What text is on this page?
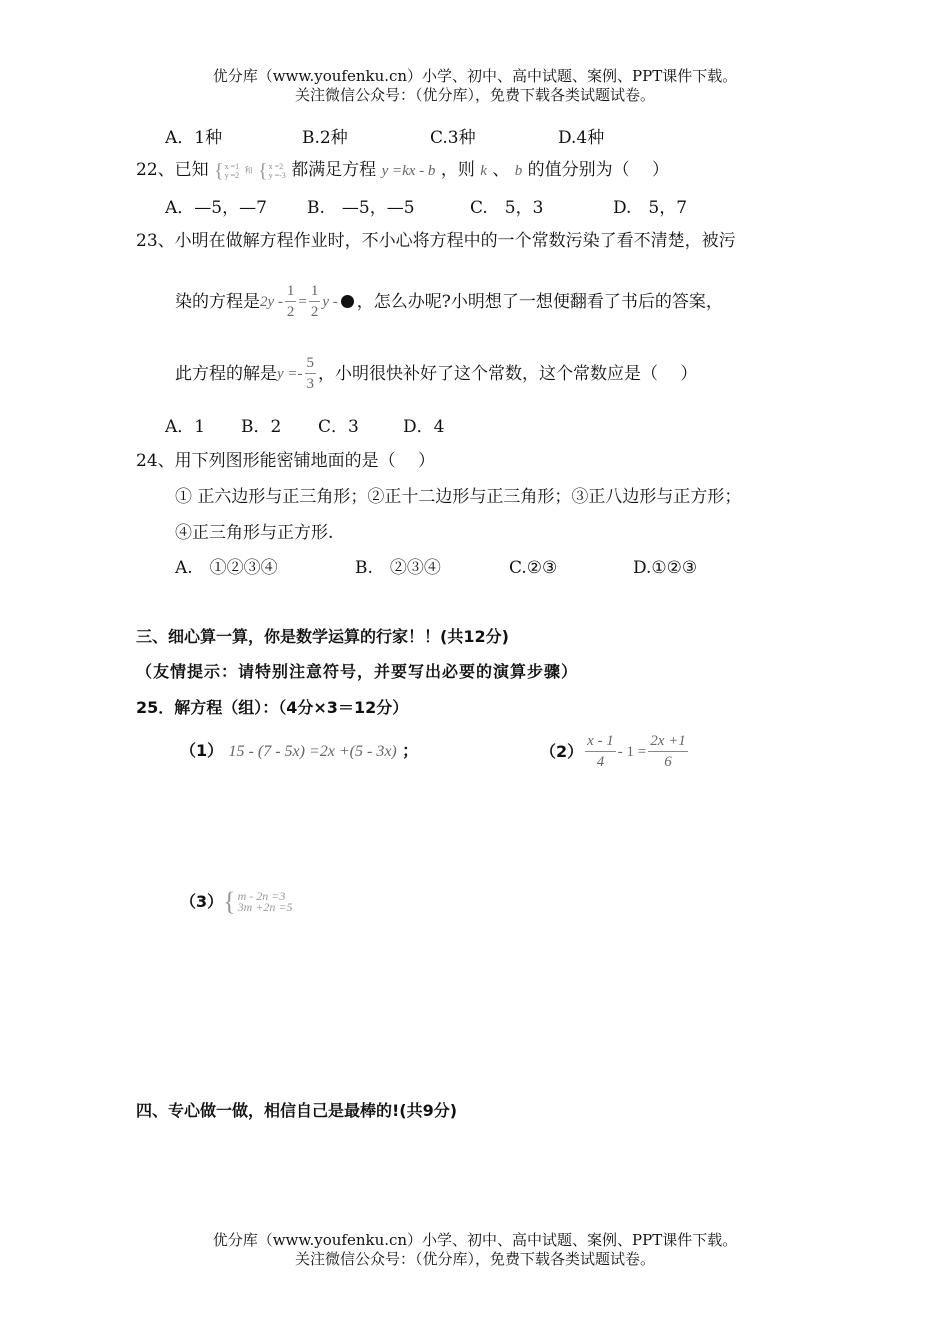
优分库（www.youfenku.cn）小学、初中、高中试题、案例、PPT课件下载。
关注微信公众号：（优分库），免费下载各类试题试卷。
A．1种	B.2种	C.3种	D.4种
22、已知 { x =1
y =2 和 { x =2
y =-3 都满足方程 y =kx - b ，则 k 、 b 的值分别为（　 ）
A．—5，—7 B.　—5，—5	C.　5，3	D.　5，7
23、小明在做解方程作业时，不小心将方程中的一个常数污染了看不清楚，被污
染的方程是 $2y - \frac{1}{2} = \frac{1}{2}$ y - ，怎么办呢?小明想了一想便翻看了书后的答案，
此方程的解是 $y =- \frac{5}{3}$ ，小明很快补好了这个常数，这个常数应是（　 ）
A．1 B．2 C．3	D．4
24、用下列图形能密铺地面的是（　 ）
① 正六边形与正三角形；②正十二边形与正三角形；③正八边形与正方形；
④正三角形与正方形.
A.　①②③④	B.　②③④	C.②③	D.①②③
三、细心算一算，你是数学运算的行家！！(共12分)
（友情提示：请特别注意符号，并要写出必要的演算步骤）
25．解方程（组）：（4分×3＝12分）
（1） 15 - (7 - 5x) =2x +(5 - 3x) ；	$(2) \frac{x - 1}{4} - 1 = \frac{2x +1}{6}$
（3） { m - 2n =3
3m +2n =5
四、专心做一做，相信自己是最棒的!(共9分)
优分库（www.youfenku.cn）小学、初中、高中试题、案例、PPT课件下载。
关注微信公众号：（优分库），免费下载各类试题试卷。
